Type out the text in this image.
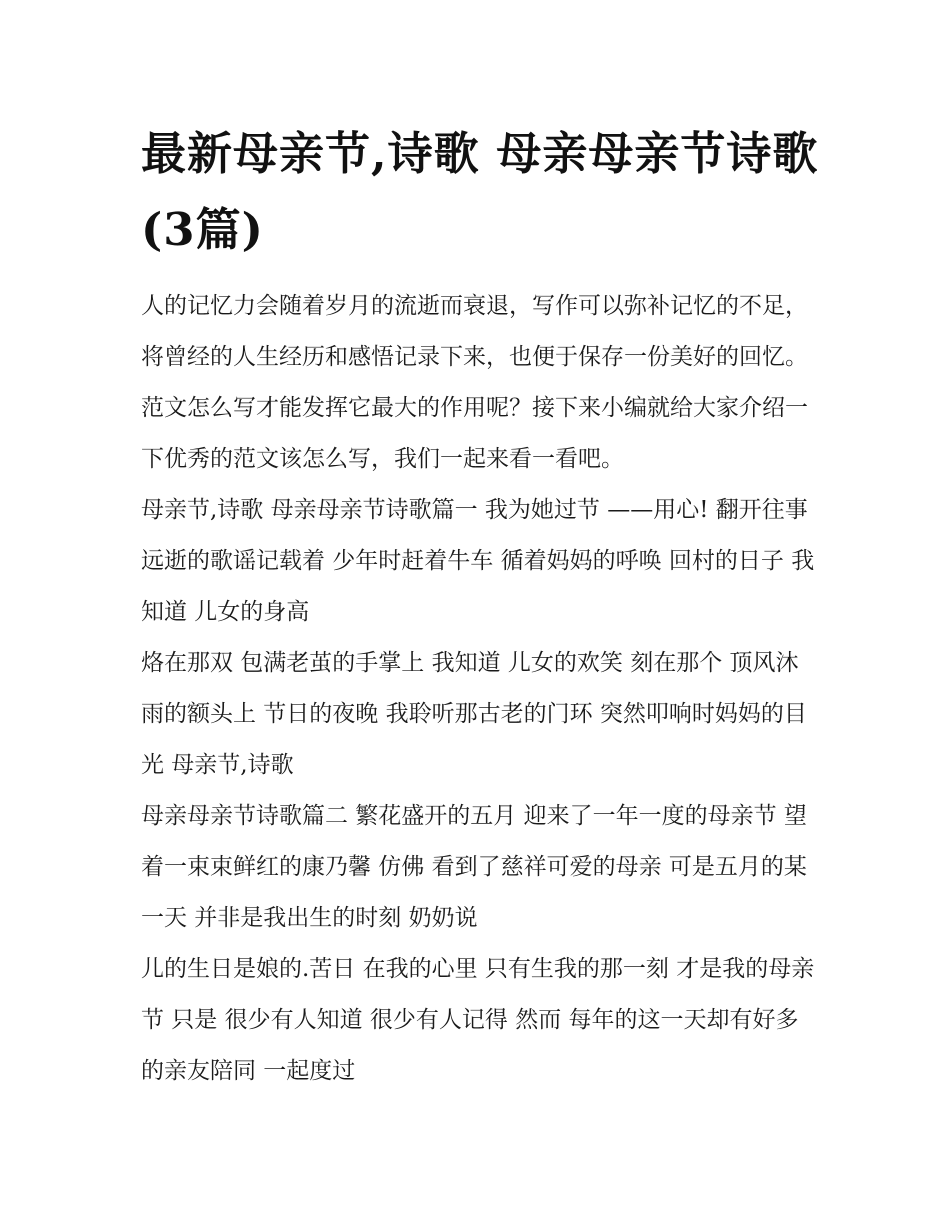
最新母亲节,诗歌 母亲母亲节诗歌(3篇)

人的记忆力会随着岁月的流逝而衰退，写作可以弥补记忆的不足，将曾经的人生经历和感悟记录下来，也便于保存一份美好的回忆。范文怎么写才能发挥它最大的作用呢？接下来小编就给大家介绍一下优秀的范文该怎么写，我们一起来看一看吧。

母亲节,诗歌 母亲母亲节诗歌篇一 我为她过节 ——用心! 翻开往事 远逝的歌谣记载着 少年时赶着牛车 循着妈妈的呼唤 回村的日子 我知道 儿女的身高

烙在那双 包满老茧的手掌上 我知道 儿女的欢笑 刻在那个 顶风沐雨的额头上 节日的夜晚 我聆听那古老的门环 突然叩响时妈妈的目光 母亲节,诗歌

母亲母亲节诗歌篇二 繁花盛开的五月 迎来了一年一度的母亲节 望着一束束鲜红的康乃馨 仿佛 看到了慈祥可爱的母亲 可是五月的某一天 并非是我出生的时刻 奶奶说

儿的生日是娘的.苦日 在我的心里 只有生我的那一刻 才是我的母亲节 只是 很少有人知道 很少有人记得 然而 每年的这一天却有好多的亲友陪同 一起度过
